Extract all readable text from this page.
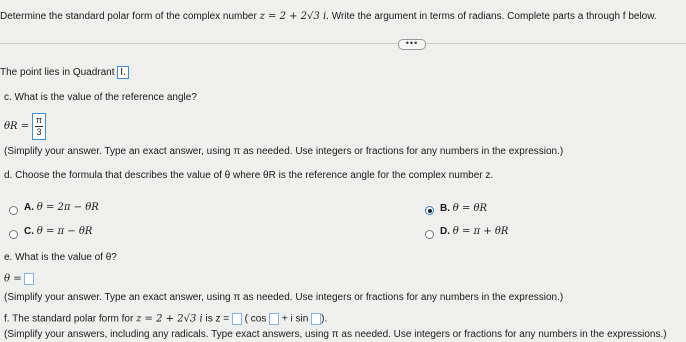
Determine the standard polar form of the complex number z = 2 + 2√3 i. Write the argument in terms of radians. Complete parts a through f below.
•••
The point lies in Quadrant I.
c. What is the value of the reference angle?
$\theta R = \frac{\pi}{3}$
(Simplify your answer. Type an exact answer, using π as needed. Use integers or fractions for any numbers in the expression.)
d. Choose the formula that describes the value of θ where θR is the reference angle for the complex number z.
A. θ = 2π − θR	B. θ = θR
C. θ = π − θR	D. θ = π + θR
e. What is the value of θ?
θ =
(Simplify your answer. Type an exact answer, using π as needed. Use integers or fractions for any numbers in the expression.)
f. The standard polar form for z = 2 + 2√3 i is z = ( cos + i sin ).
(Simplify your answers, including any radicals. Type exact answers, using π as needed. Use integers or fractions for any numbers in the expressions.)
